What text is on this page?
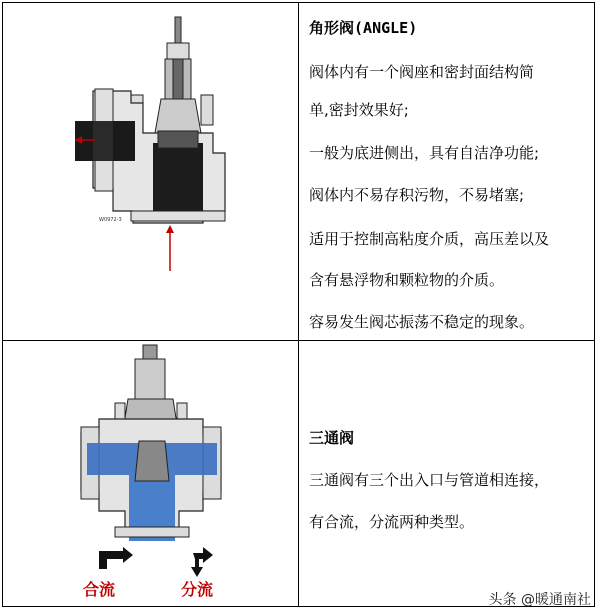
W0972-3
角形阀(ANGLE)
阀体内有一个阀座和密封面结构简
单,密封效果好;
一般为底进侧出，具有自洁净功能;
阀体内不易存积污物，不易堵塞;
适用于控制高粘度介质，高压差以及
含有悬浮物和颗粒物的介质。
容易发生阀芯振荡不稳定的现象。
合流	分流
三通阀
三通阀有三个出入口与管道相连接，
有合流，分流两种类型。
头条 @暖通南社
